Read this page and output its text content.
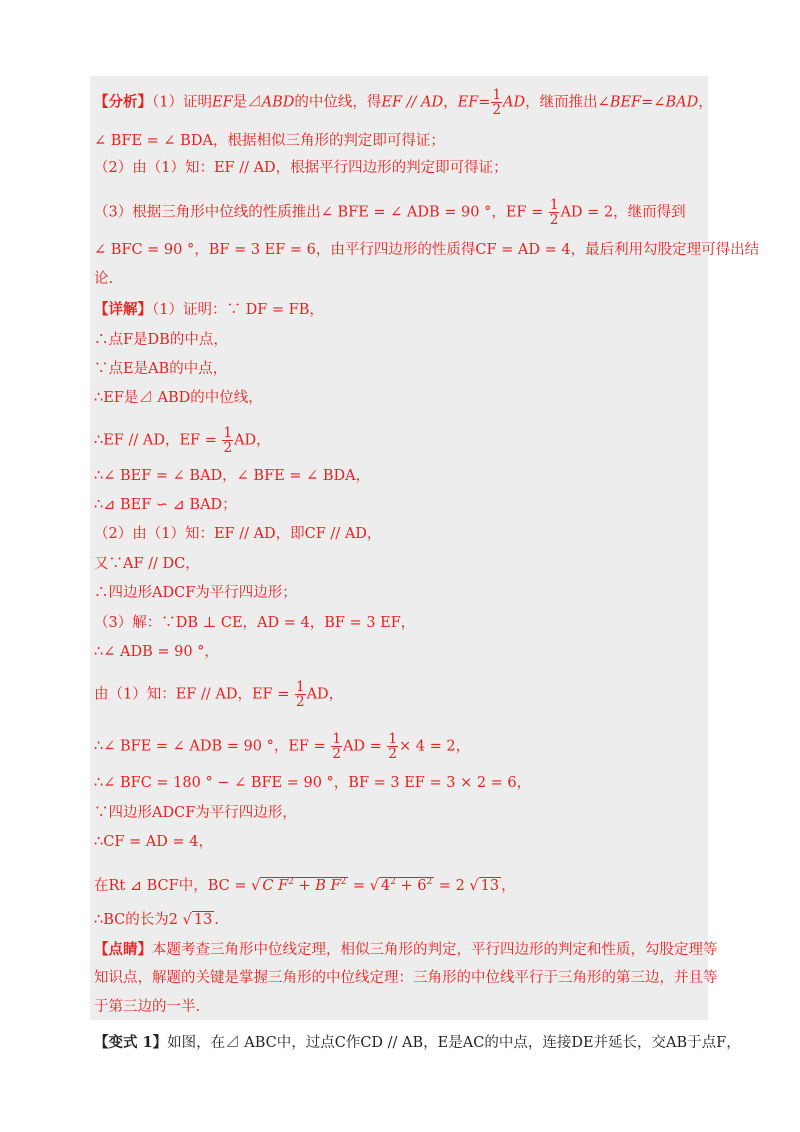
【分析】（1）证明EF是⊿ABD的中位线，得EF // AD，$EF= \frac{1}{2}$ AD，继而推出∠BEF=∠BAD，
∠ BFE = ∠ BDA，根据相似三角形的判定即可得证；
（2）由（1）知：EF // AD，根据平行四边形的判定即可得证；
（3）根据三角形中位线的性质推出∠ BFE = ∠ ADB = 90 °，EF = $\frac{1}{2}$ AD = 2，继而得到
∠ BFC = 90 °，BF = 3 EF = 6，由平行四边形的性质得CF = AD = 4，最后利用勾股定理可得出结
论.
【详解】（1）证明：∵ DF = FB，
∴点F是DB的中点，
∵点E是AB的中点，
∴EF是⊿ ABD的中位线，
∴EF // AD，EF = $\frac{1}{2}$ AD，
∴∠ BEF = ∠ BAD，∠ BFE = ∠ BDA，
∴⊿ BEF ∽ ⊿ BAD；
（2）由（1）知：EF // AD，即CF // AD，
又∵AF // DC，
∴四边形ADCF为平行四边形；
（3）解：∵DB ⊥ CE，AD = 4，BF = 3 EF，
∴∠ ADB = 90 °，
由（1）知：EF // AD，EF = $\frac{1}{2}$ AD，
∴∠ BFE = ∠ ADB = 90 °，EF = $\frac{1}{2}$ AD = $\frac{1}{2} \times 4 = 2$，
∴∠ BFC = 180 ° − ∠ BFE = 90 °，BF = 3 EF = 3 × 2 = 6，
∵四边形ADCF为平行四边形，
∴CF = AD = 4，
在Rt ⊿ BCF中，BC = √ C $F^2 + B$ $F^2$ = √ $4^2 + 6^2 = 2$ √ 13 ，
∴BC的长为2 √ 13 .
【点睛】本题考查三角形中位线定理，相似三角形的判定，平行四边形的判定和性质，勾股定理等
知识点，解题的关键是掌握三角形的中位线定理：三角形的中位线平行于三角形的第三边，并且等
于第三边的一半.
【变式 1】如图，在⊿ ABC中，过点C作CD // AB，E是AC的中点，连接DE并延长，交AB于点F，
